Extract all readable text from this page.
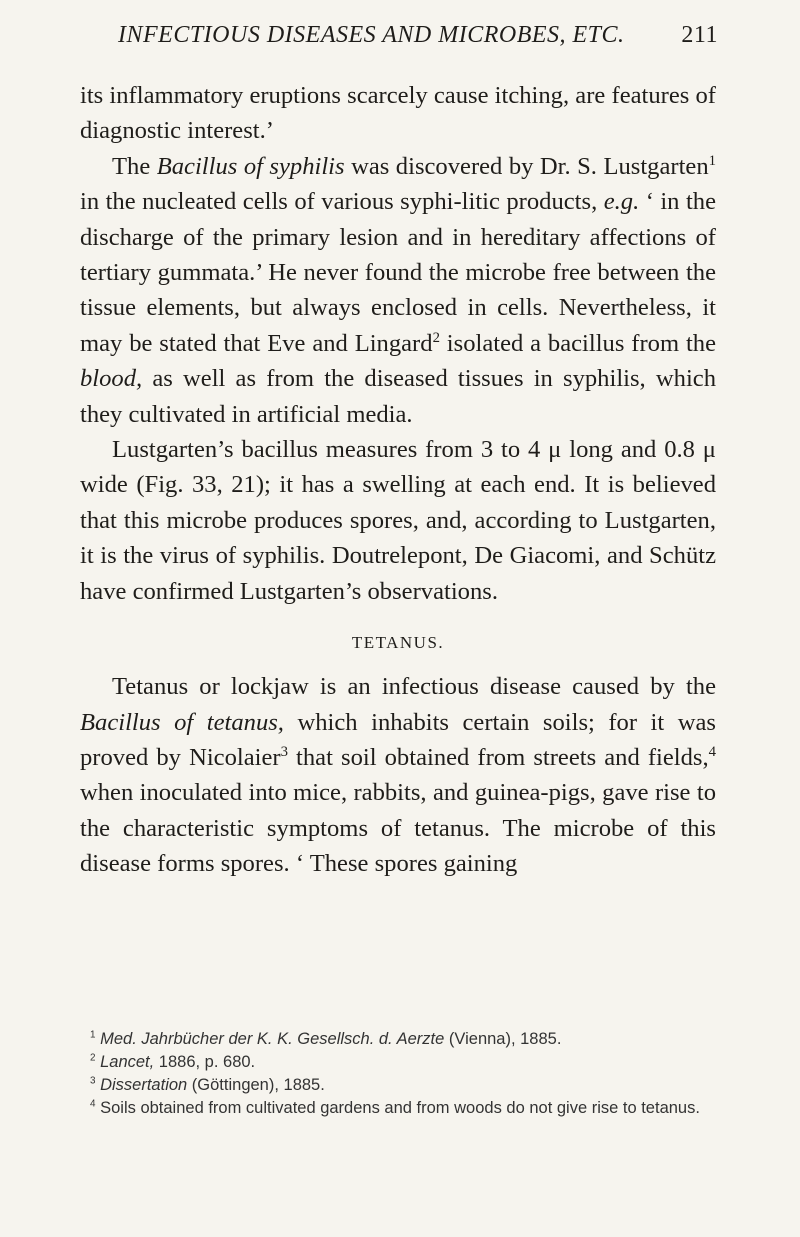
INFECTIOUS DISEASES AND MICROBES, ETC. 211

its inflammatory eruptions scarcely cause itching, are features of diagnostic interest.’

The Bacillus of syphilis was discovered by Dr. S. Lustgarten$^1$ in the nucleated cells of various syphi-litic products, e.g. ‘ in the discharge of the primary lesion and in hereditary affections of tertiary gummata.’ He never found the microbe free between the tissue elements, but always enclosed in cells. Nevertheless, it may be stated that Eve and Lingard$^2$ isolated a bacillus from the blood, as well as from the diseased tissues in syphilis, which they cultivated in artificial media.

Lustgarten’s bacillus measures from 3 to 4 μ long and 0.8 μ wide (Fig. 33, 21); it has a swelling at each end. It is believed that this microbe produces spores, and, according to Lustgarten, it is the virus of syphilis. Doutrelepont, De Giacomi, and Schütz have confirmed Lustgarten’s observations.

TETANUS.

Tetanus or lockjaw is an infectious disease caused by the Bacillus of tetanus, which inhabits certain soils; for it was proved by Nicolaier$^3$ that soil obtained from streets and fields,$^4$ when inoculated into mice, rabbits, and guinea-pigs, gave rise to the characteristic symptoms of tetanus. The microbe of this disease forms spores. ‘ These spores gaining

$^1$ Med. Jahrbücher der K. K. Gesellsch. d. Aerzte (Vienna), 1885.

$^2$ Lancet, 1886, p. 680.

$^3$ Dissertation (Göttingen), 1885.

$^4$ Soils obtained from cultivated gardens and from woods do not give rise to tetanus.
